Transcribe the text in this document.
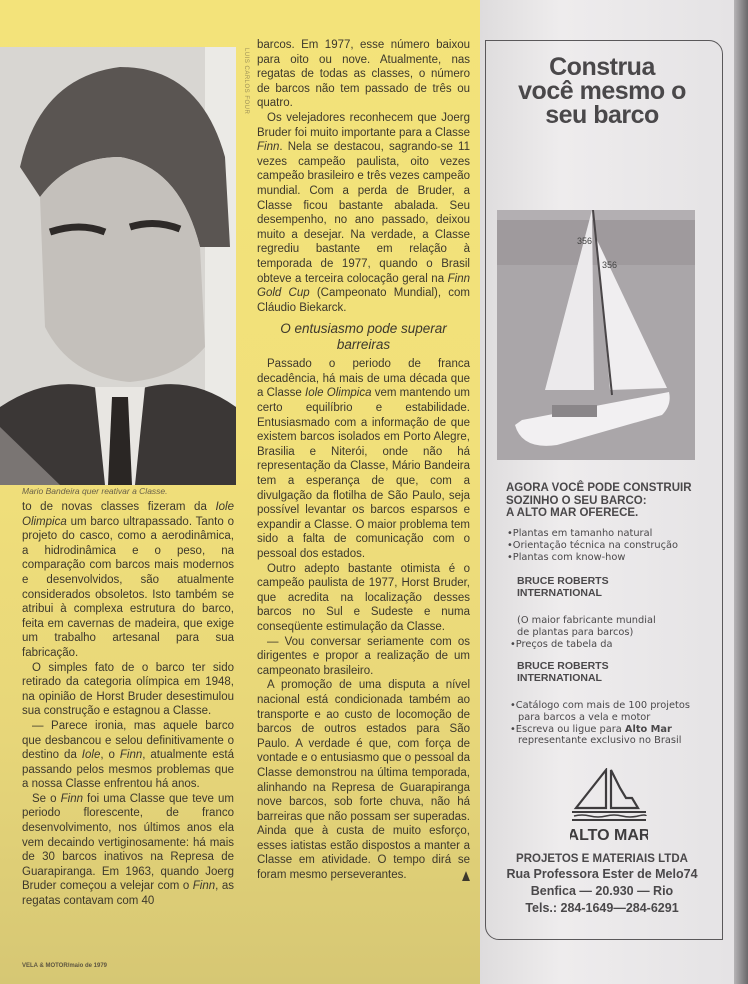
LUIS CARLOS FOUR
Mario Bandeira quer reativar a Classe.

to de novas classes fizeram da Iole Olimpica um barco ultrapassado. Tanto o projeto do casco, como a aerodinâmica, a hidrodinâmica e o peso, na comparação com barcos mais modernos e desenvolvidos, são atualmente considerados obsoletos. Isto também se atribui à complexa estrutura do barco, feita em cavernas de madeira, que exige um trabalho artesanal para sua fabricação.

O simples fato de o barco ter sido retirado da categoria olímpica em 1948, na opinião de Horst Bruder desestimulou sua construção e estagnou a Classe.

— Parece ironia, mas aquele barco que desbancou e selou definitivamente o destino da Iole, o Finn, atualmente está passando pelos mesmos problemas que a nossa Classe enfrentou há anos.

Se o Finn foi uma Classe que teve um periodo florescente, de franco desenvolvimento, nos últimos anos ela vem decaindo vertiginosamente: há mais de 30 barcos inativos na Represa de Guarapiranga. Em 1963, quando Joerg Bruder começou a velejar com o Finn, as regatas contavam com 40

barcos. Em 1977, esse número baixou para oito ou nove. Atualmente, nas regatas de todas as classes, o número de barcos não tem passado de três ou quatro.

Os velejadores reconhecem que Joerg Bruder foi muito importante para a Classe Finn. Nela se destacou, sagrando-se 11 vezes campeão paulista, oito vezes campeão brasileiro e três vezes campeão mundial. Com a perda de Bruder, a Classe ficou bastante abalada. Seu desempenho, no ano passado, deixou muito a desejar. Na verdade, a Classe regrediu bastante em relação à temporada de 1977, quando o Brasil obteve a terceira colocação geral na Finn Gold Cup (Campeonato Mundial), com Cláudio Biekarck.

O entusiasmo pode superar barreiras

Passado o periodo de franca decadência, há mais de uma década que a Classe Iole Olimpica vem mantendo um certo equilíbrio e estabilidade. Entusiasmado com a informação de que existem barcos isolados em Porto Alegre, Brasilia e Niterói, onde não há representação da Classe, Mário Bandeira tem a esperança de que, com a divulgação da flotilha de São Paulo, seja possível levantar os barcos esparsos e expandir a Classe. O maior problema tem sido a falta de comunicação com o pessoal dos estados.

Outro adepto bastante otimista é o campeão paulista de 1977, Horst Bruder, que acredita na localização desses barcos no Sul e Sudeste e numa conseqüente estimulação da Classe.

— Vou conversar seriamente com os dirigentes e propor a realização de um campeonato brasileiro.

A promoção de uma disputa a nível nacional está condicionada também ao transporte e ao custo de locomoção de barcos de outros estados para São Paulo. A verdade é que, com força de vontade e o entusiasmo que o pessoal da Classe demonstrou na última temporada, alinhando na Represa de Guarapiranga nove barcos, sob forte chuva, não há barreiras que não possam ser superadas. Ainda que à custa de muito esforço, esses iatistas estão dispostos a manter a Classe em atividade. O tempo dirá se foram mesmo perseverantes.

VELA & MOTOR/maio de 1979
Construa
você mesmo o
seu barco
356
356
AGORA VOCÊ PODE CONSTRUIR
SOZINHO O SEU BARCO:
A ALTO MAR OFERECE.
• Plantas em tamanho natural
• Orientação técnica na construção
• Plantas com know-how
BRUCE ROBERTS
INTERNATIONAL
(O maior fabricante mundial
de plantas para barcos)
• Preços de tabela da
BRUCE ROBERTS
INTERNATIONAL
• Catálogo com mais de 100 projetos
para barcos a vela e motor
• Escreva ou ligue para Alto Mar
representante exclusivo no Brasil
ALTO MAR
PROJETOS E MATERIAIS LTDA
Rua Professora Ester de Melo74
Benfica — 20.930 — Rio
Tels.: 284-1649—284-6291
